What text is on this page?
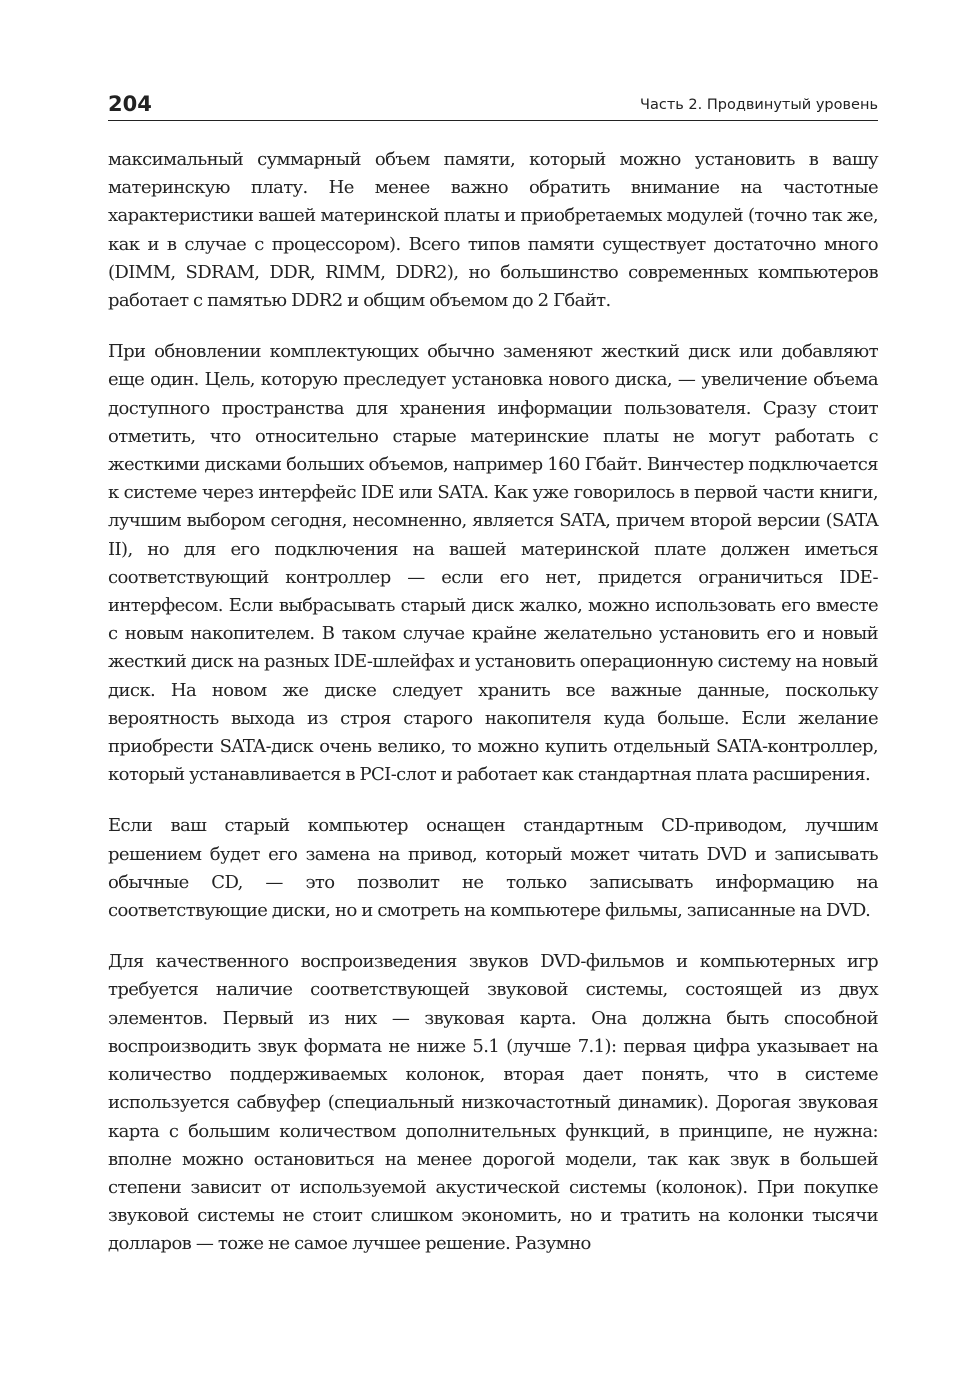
204	Часть 2. Продвинутый уровень

максимальный суммарный объем памяти, который можно установить в вашу материнскую плату. Не менее важно обратить внимание на частотные характеристики вашей материнской платы и приобретаемых модулей (точно так же, как и в случае с процессором). Всего типов памяти существует достаточно много (DIMM, SDRAM, DDR, RIMM, DDR2), но большинство современных компьютеров работает с памятью DDR2 и общим объемом до 2 Гбайт.

При обновлении комплектующих обычно заменяют жесткий диск или добавляют еще один. Цель, которую преследует установка нового диска, — увеличение объема доступного пространства для хранения информации пользователя. Сразу стоит отметить, что относительно старые материнские платы не могут работать с жесткими дисками больших объемов, например 160 Гбайт. Винчестер подключается к системе через интерфейс IDE или SATA. Как уже говорилось в первой части книги, лучшим выбором сегодня, несомненно, является SATA, причем второй версии (SATA II), но для его подключения на вашей материнской плате должен иметься соответствующий контроллер — если его нет, придется ограничиться IDE-интерфесом. Если выбрасывать старый диск жалко, можно использовать его вместе с новым накопителем. В таком случае крайне желательно установить его и новый жесткий диск на разных IDE-шлейфах и установить операционную систему на новый диск. На новом же диске следует хранить все важные данные, поскольку вероятность выхода из строя старого накопителя куда больше. Если желание приобрести SATA-диск очень велико, то можно купить отдельный SATA-контроллер, который устанавливается в PCI-слот и работает как стандартная плата расширения.

Если ваш старый компьютер оснащен стандартным CD-приводом, лучшим решением будет его замена на привод, который может читать DVD и записывать обычные CD, — это позволит не только записывать информацию на соответствующие диски, но и смотреть на компьютере фильмы, записанные на DVD.

Для качественного воспроизведения звуков DVD-фильмов и компьютерных игр требуется наличие соответствующей звуковой системы, состоящей из двух элементов. Первый из них — звуковая карта. Она должна быть способной воспроизводить звук формата не ниже 5.1 (лучше 7.1): первая цифра указывает на количество поддерживаемых колонок, вторая дает понять, что в системе используется сабвуфер (специальный низкочастотный динамик). Дорогая звуковая карта с большим количеством дополнительных функций, в принципе, не нужна: вполне можно остановиться на менее дорогой модели, так как звук в большей степени зависит от используемой акустической системы (колонок). При покупке звуковой системы не стоит слишком экономить, но и тратить на колонки тысячи долларов — тоже не самое лучшее решение. Разумно
